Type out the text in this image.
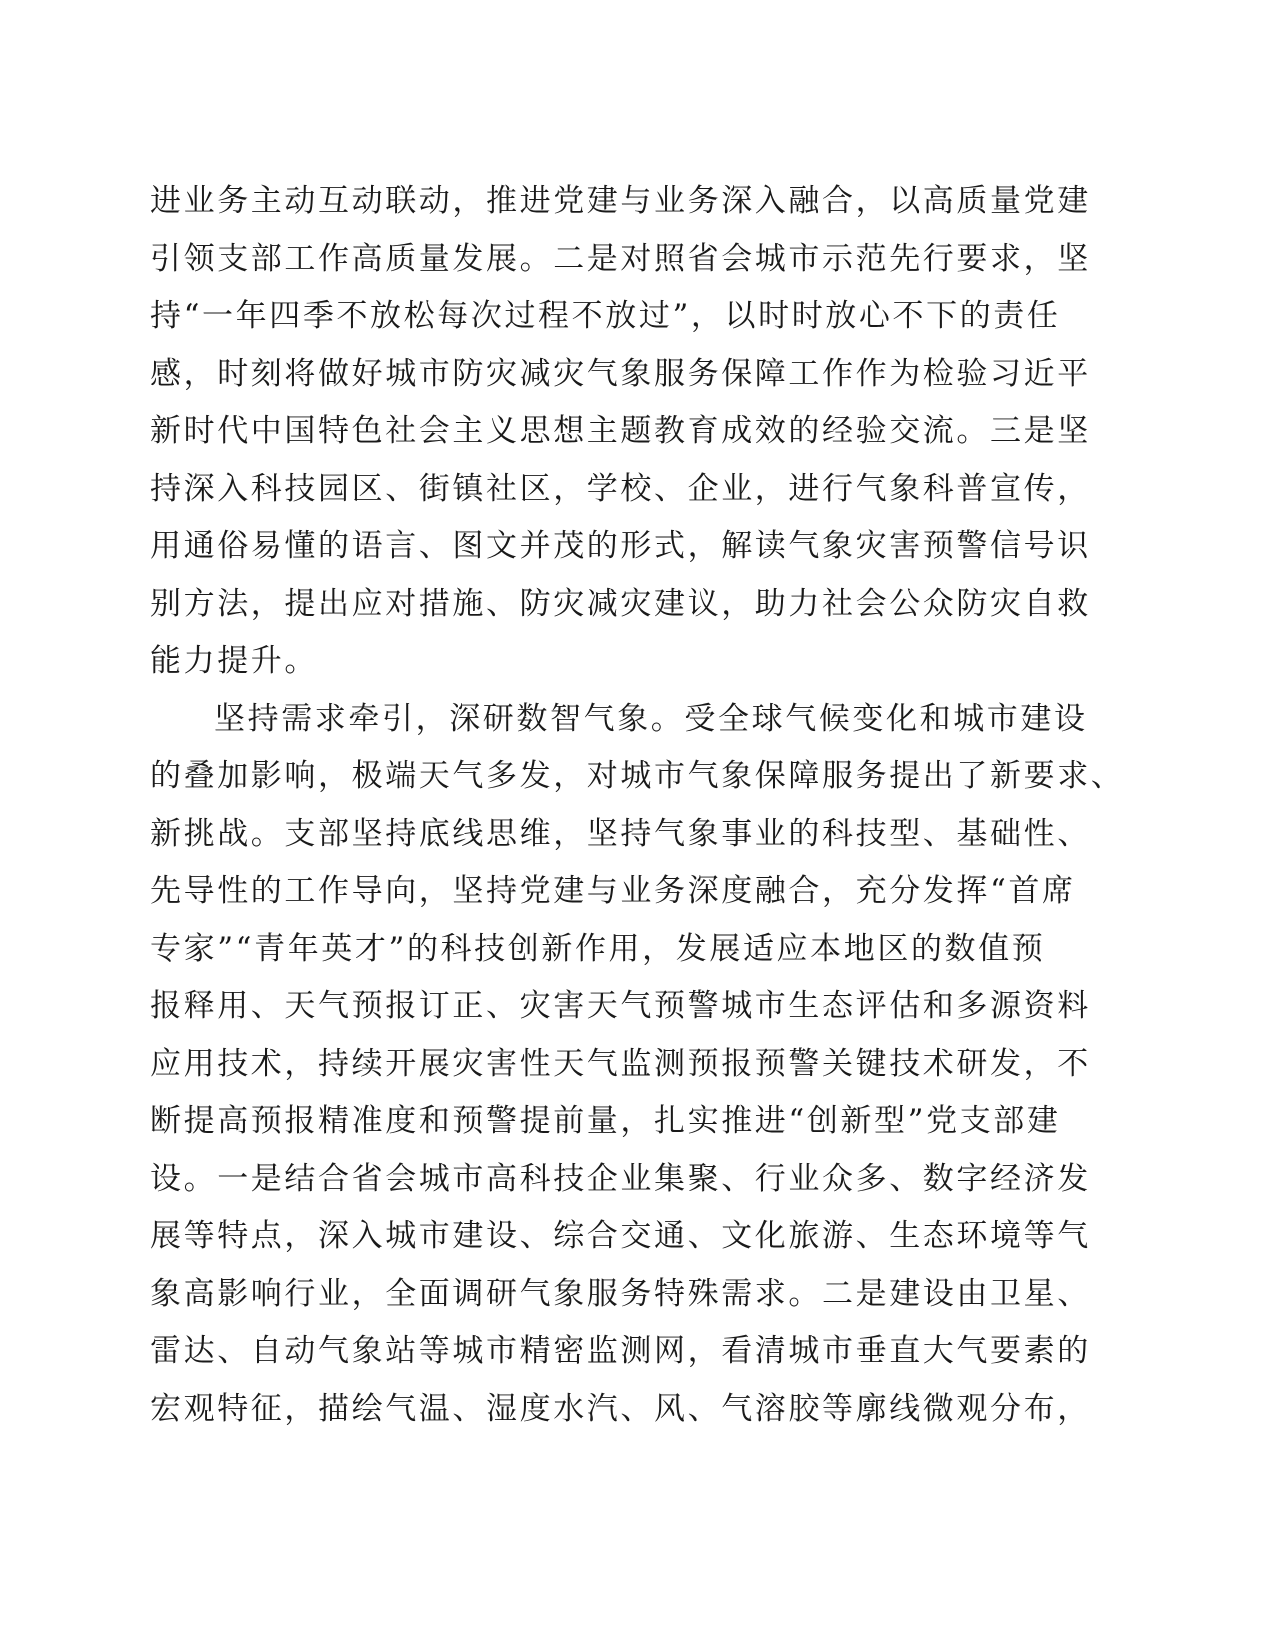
进业务主动互动联动，推进党建与业务深入融合，以高质量党建
引领支部工作高质量发展。二是对照省会城市示范先行要求，坚
持“一年四季不放松每次过程不放过”，以时时放心不下的责任
感，时刻将做好城市防灾减灾气象服务保障工作作为检验习近平
新时代中国特色社会主义思想主题教育成效的经验交流。三是坚
持深入科技园区、街镇社区，学校、企业，进行气象科普宣传，
用通俗易懂的语言、图文并茂的形式，解读气象灾害预警信号识
别方法，提出应对措施、防灾减灾建议，助力社会公众防灾自救
能力提升。
坚持需求牵引，深研数智气象。受全球气候变化和城市建设
的叠加影响，极端天气多发，对城市气象保障服务提出了新要求、
新挑战。支部坚持底线思维，坚持气象事业的科技型、基础性、
先导性的工作导向，坚持党建与业务深度融合，充分发挥“首席
专家”“青年英才”的科技创新作用，发展适应本地区的数值预
报释用、天气预报订正、灾害天气预警城市生态评估和多源资料
应用技术，持续开展灾害性天气监测预报预警关键技术研发，不
断提高预报精准度和预警提前量，扎实推进“创新型”党支部建
设。一是结合省会城市高科技企业集聚、行业众多、数字经济发
展等特点，深入城市建设、综合交通、文化旅游、生态环境等气
象高影响行业，全面调研气象服务特殊需求。二是建设由卫星、
雷达、自动气象站等城市精密监测网，看清城市垂直大气要素的
宏观特征，描绘气温、湿度水汽、风、气溶胶等廓线微观分布，
